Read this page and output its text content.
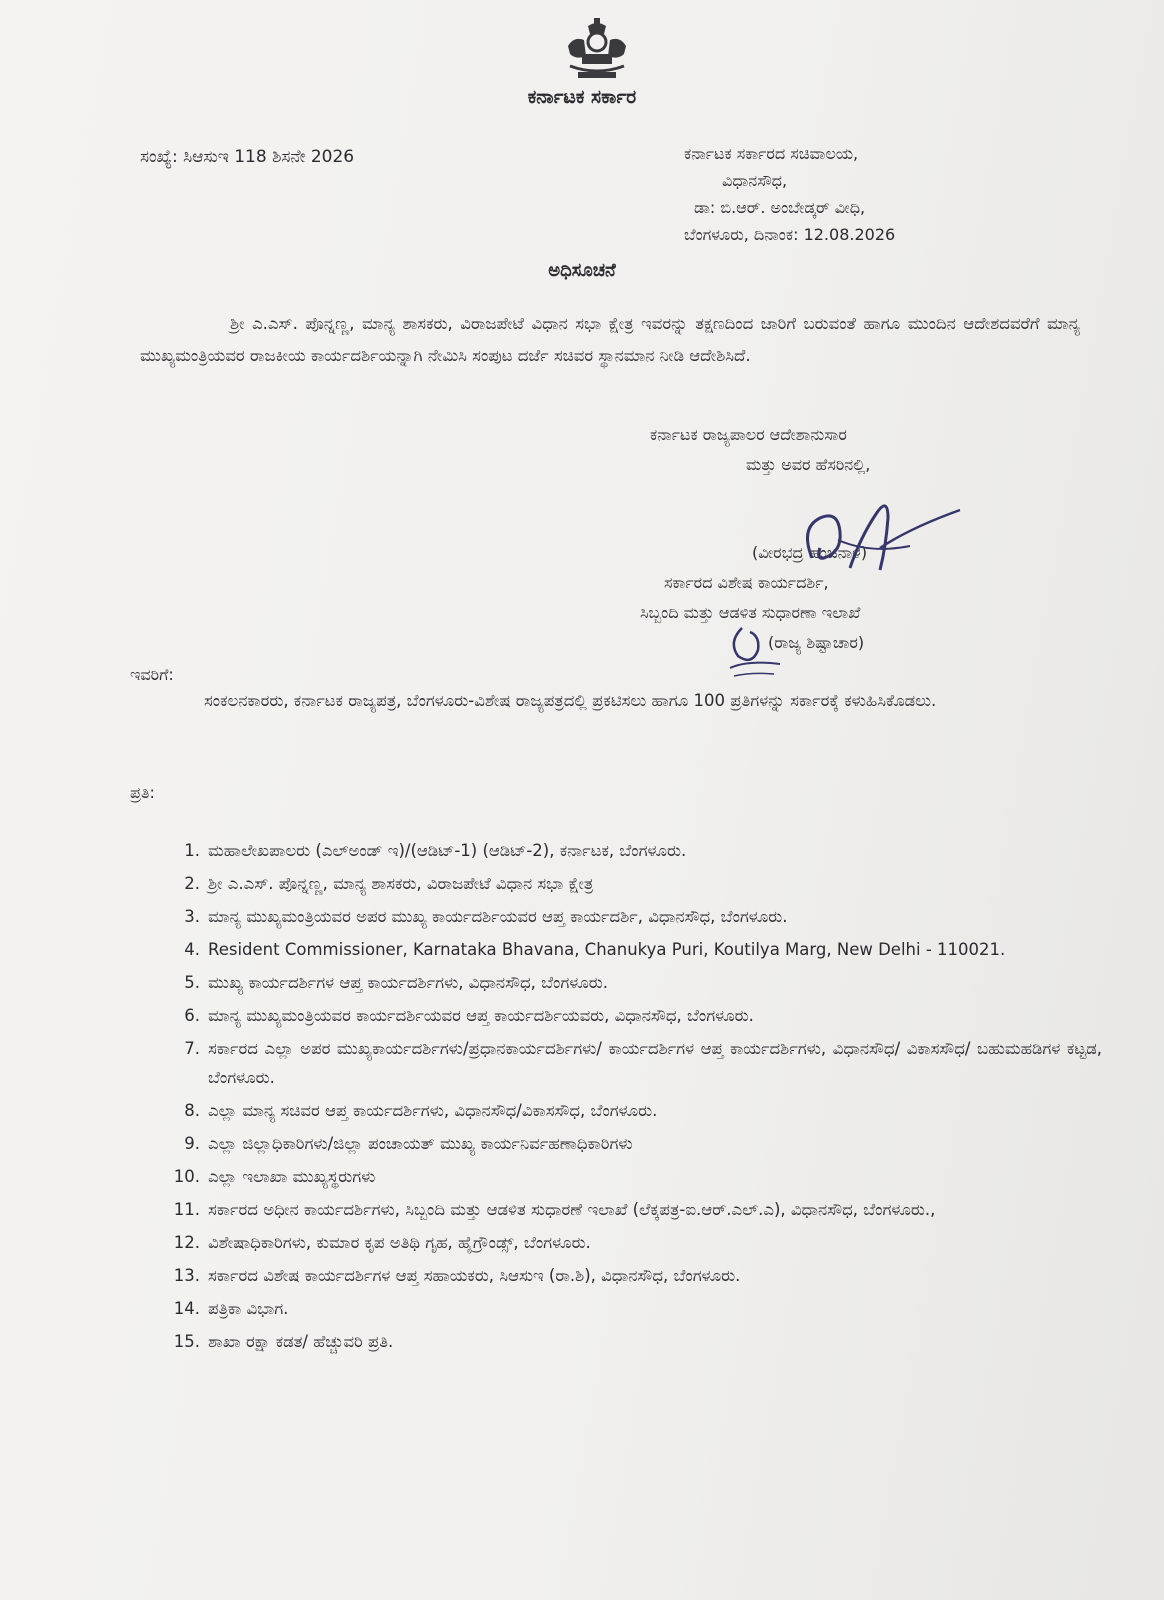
ಕರ್ನಾಟಕ ಸರ್ಕಾರ
ಸಂಖ್ಯೆ: ಸಿಆಸುಇ 118 ಶಿಸನೇ 2026	ಕರ್ನಾಟಕ ಸರ್ಕಾರದ ಸಚಿವಾಲಯ,
ವಿಧಾನಸೌಧ,
ಡಾ: ಬಿ.ಆರ್. ಅಂಬೇಡ್ಕರ್ ವೀಧಿ,
ಬೆಂಗಳೂರು, ದಿನಾಂಕ: 12.08.2026
ಅಧಿಸೂಚನೆ
ಶ್ರೀ ಎ.ಎಸ್. ಪೊನ್ನಣ್ಣ, ಮಾನ್ಯ ಶಾಸಕರು, ವಿರಾಜಪೇಟೆ ವಿಧಾನ ಸಭಾ ಕ್ಷೇತ್ರ ಇವರನ್ನು ತಕ್ಷಣದಿಂದ ಜಾರಿಗೆ ಬರುವಂತೆ ಹಾಗೂ ಮುಂದಿನ ಆದೇಶದವರೆಗೆ ಮಾನ್ಯ ಮುಖ್ಯಮಂತ್ರಿಯವರ ರಾಜಕೀಯ ಕಾರ್ಯದರ್ಶಿಯನ್ನಾಗಿ ನೇಮಿಸಿ ಸಂಪುಟ ದರ್ಜೆ ಸಚಿವರ ಸ್ಥಾನಮಾನ ನೀಡಿ ಆದೇಶಿಸಿದೆ.
ಕರ್ನಾಟಕ ರಾಜ್ಯಪಾಲರ ಆದೇಶಾನುಸಾರ
ಮತ್ತು ಅವರ ಹೆಸರಿನಲ್ಲಿ,
(ವೀರಭದ್ರ ಹಂಚಿನಾಳ)
ಸರ್ಕಾರದ ವಿಶೇಷ ಕಾರ್ಯದರ್ಶಿ,
ಸಿಬ್ಬಂದಿ ಮತ್ತು ಆಡಳಿತ ಸುಧಾರಣಾ ಇಲಾಖೆ
(ರಾಜ್ಯ ಶಿಷ್ಟಾಚಾರ)
ಇವರಿಗೆ:
ಸಂಕಲನಕಾರರು, ಕರ್ನಾಟಕ ರಾಜ್ಯಪತ್ರ, ಬೆಂಗಳೂರು-ವಿಶೇಷ ರಾಜ್ಯಪತ್ರದಲ್ಲಿ ಪ್ರಕಟಿಸಲು ಹಾಗೂ 100 ಪ್ರತಿಗಳನ್ನು ಸರ್ಕಾರಕ್ಕೆ ಕಳುಹಿಸಿಕೊಡಲು.
ಪ್ರತಿ:
1. ಮಹಾಲೇಖಪಾಲರು (ಎಲ್‌ಅಂಡ್ ಇ)/(ಆಡಿಟ್-1) (ಆಡಿಟ್-2), ಕರ್ನಾಟಕ, ಬೆಂಗಳೂರು.
2. ಶ್ರೀ ಎ.ಎಸ್. ಪೊನ್ನಣ್ಣ, ಮಾನ್ಯ ಶಾಸಕರು, ವಿರಾಜಪೇಟೆ ವಿಧಾನ ಸಭಾ ಕ್ಷೇತ್ರ
3. ಮಾನ್ಯ ಮುಖ್ಯಮಂತ್ರಿಯವರ ಅಪರ ಮುಖ್ಯ ಕಾರ್ಯದರ್ಶಿಯವರ ಆಪ್ತ ಕಾರ್ಯದರ್ಶಿ, ವಿಧಾನಸೌಧ, ಬೆಂಗಳೂರು.
4. Resident Commissioner, Karnataka Bhavana, Chanukya Puri, Koutilya Marg, New Delhi - 110021.
5. ಮುಖ್ಯ ಕಾರ್ಯದರ್ಶಿಗಳ ಆಪ್ತ ಕಾರ್ಯದರ್ಶಿಗಳು, ವಿಧಾನಸೌಧ, ಬೆಂಗಳೂರು.
6. ಮಾನ್ಯ ಮುಖ್ಯಮಂತ್ರಿಯವರ ಕಾರ್ಯದರ್ಶಿಯವರ ಆಪ್ತ ಕಾರ್ಯದರ್ಶಿಯವರು, ವಿಧಾನಸೌಧ, ಬೆಂಗಳೂರು.
7. ಸರ್ಕಾರದ ಎಲ್ಲಾ ಅಪರ ಮುಖ್ಯಕಾರ್ಯದರ್ಶಿಗಳು/ಪ್ರಧಾನಕಾರ್ಯದರ್ಶಿಗಳು/ ಕಾರ್ಯದರ್ಶಿಗಳ ಆಪ್ತ ಕಾರ್ಯದರ್ಶಿಗಳು, ವಿಧಾನಸೌಧ/ ವಿಕಾಸಸೌಧ/ ಬಹುಮಹಡಿಗಳ ಕಟ್ಟಡ, ಬೆಂಗಳೂರು.
8. ಎಲ್ಲಾ ಮಾನ್ಯ ಸಚಿವರ ಆಪ್ತ ಕಾರ್ಯದರ್ಶಿಗಳು, ವಿಧಾನಸೌಧ/ವಿಕಾಸಸೌಧ, ಬೆಂಗಳೂರು.
9. ಎಲ್ಲಾ ಜಿಲ್ಲಾಧಿಕಾರಿಗಳು/ಜಿಲ್ಲಾ ಪಂಚಾಯತ್ ಮುಖ್ಯ ಕಾರ್ಯನಿರ್ವಹಣಾಧಿಕಾರಿಗಳು
10. ಎಲ್ಲಾ ಇಲಾಖಾ ಮುಖ್ಯಸ್ಥರುಗಳು
11. ಸರ್ಕಾರದ ಅಧೀನ ಕಾರ್ಯದರ್ಶಿಗಳು, ಸಿಬ್ಬಂದಿ ಮತ್ತು ಆಡಳಿತ ಸುಧಾರಣೆ ಇಲಾಖೆ (ಲೆಕ್ಕಪತ್ರ-ಐ.ಆರ್.ಎಲ್.ಎ), ವಿಧಾನಸೌಧ, ಬೆಂಗಳೂರು.,
12. ವಿಶೇಷಾಧಿಕಾರಿಗಳು, ಕುಮಾರ ಕೃಪ ಅತಿಥಿ ಗೃಹ, ಹೈಗ್ರೌಂಡ್ಸ್, ಬೆಂಗಳೂರು.
13. ಸರ್ಕಾರದ ವಿಶೇಷ ಕಾರ್ಯದರ್ಶಿಗಳ ಆಪ್ತ ಸಹಾಯಕರು, ಸಿಆಸುಇ (ರಾ.ಶಿ), ವಿಧಾನಸೌಧ, ಬೆಂಗಳೂರು.
14. ಪತ್ರಿಕಾ ವಿಭಾಗ.
15. ಶಾಖಾ ರಕ್ಷಾ ಕಡತ/ ಹೆಚ್ಚುವರಿ ಪ್ರತಿ.
